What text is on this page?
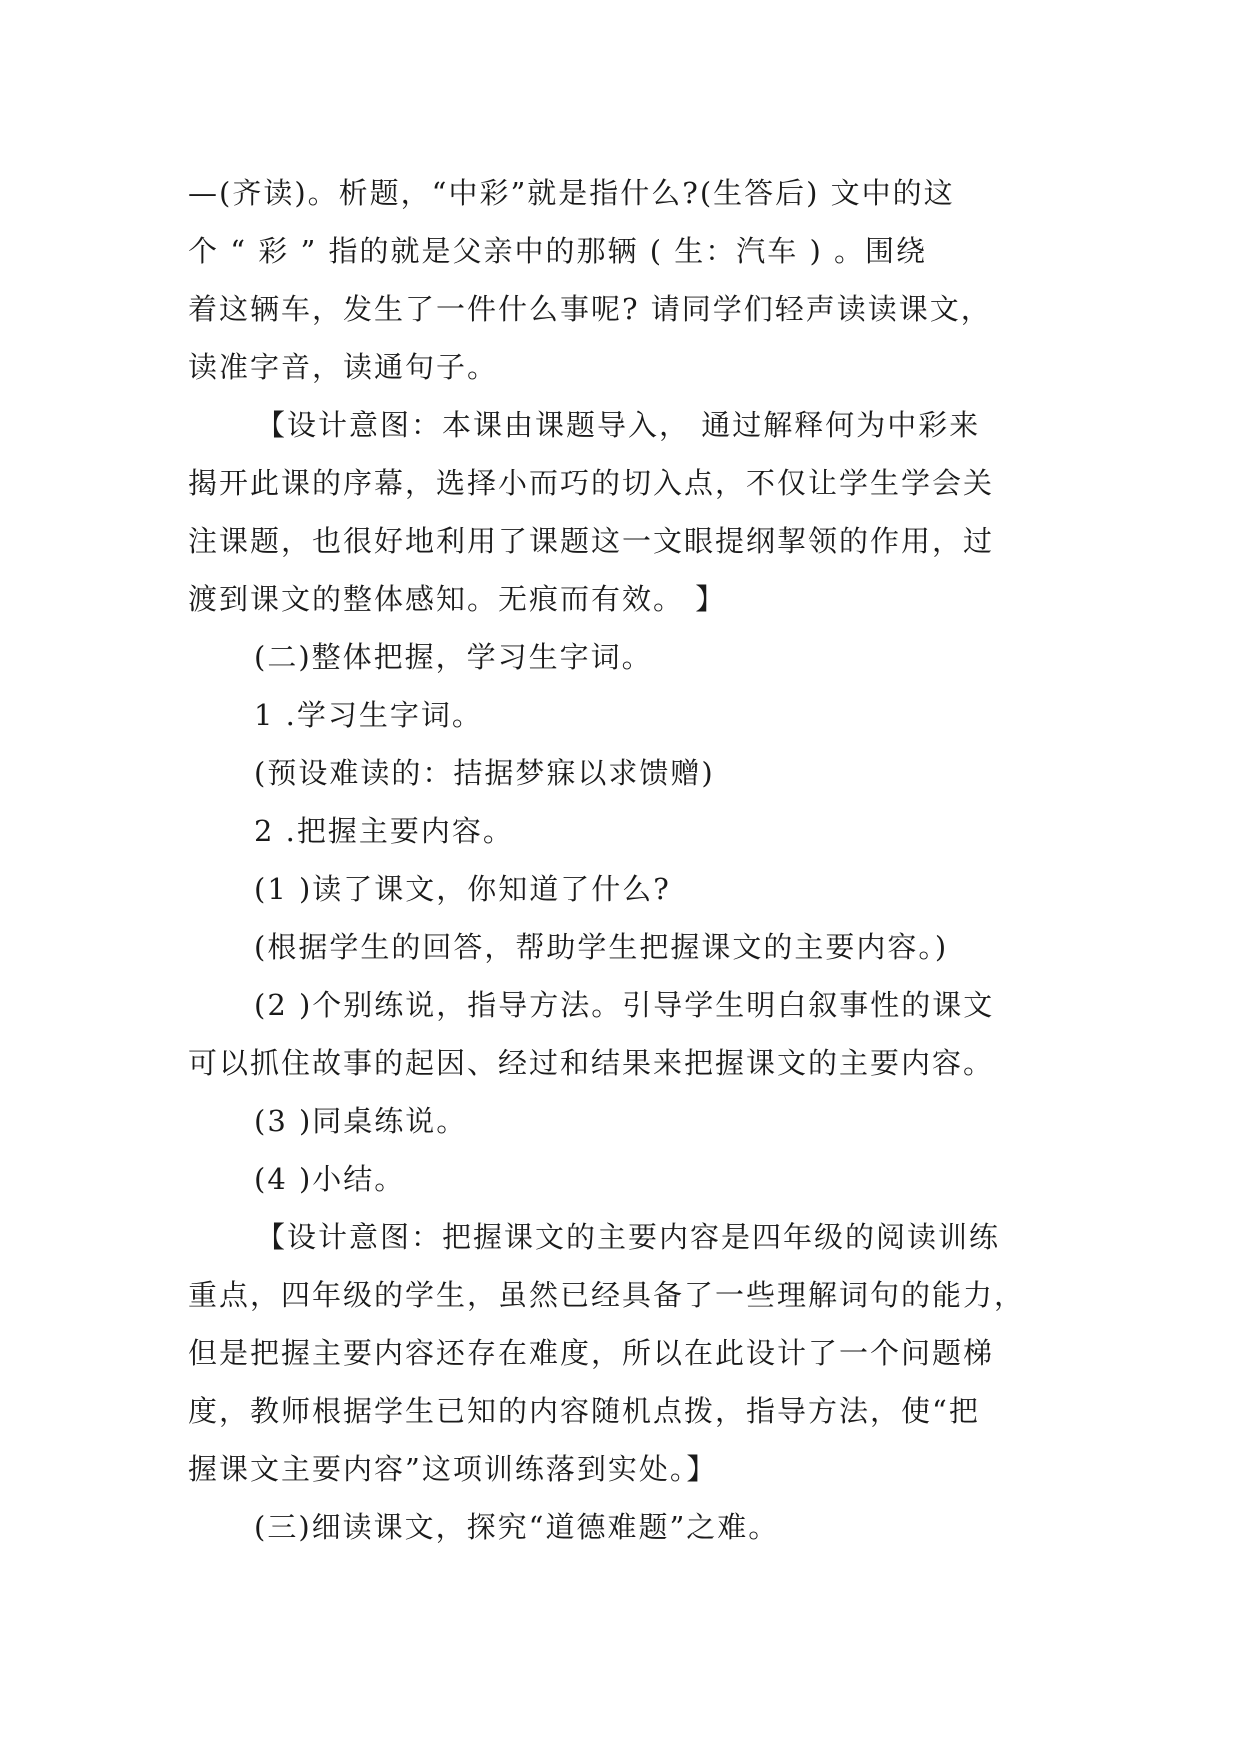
—(齐读)。析题，“中彩”就是指什么?(生答后) 文中的这

个 “ 彩 ” 指的就是父亲中的那辆 ( 生：汽车 ) 。围绕

着这辆车，发生了一件什么事呢? 请同学们轻声读读课文，

读准字音，读通句子。

【设计意图：本课由课题导入， 通过解释何为中彩来

揭开此课的序幕，选择小而巧的切入点，不仅让学生学会关

注课题，也很好地利用了课题这一文眼提纲挈领的作用，过

渡到课文的整体感知。无痕而有效。 】

(二)整体把握，学习生字词。

1 .学习生字词。

(预设难读的：拮据梦寐以求馈赠)

2 .把握主要内容。

(1 )读了课文，你知道了什么?

(根据学生的回答，帮助学生把握课文的主要内容。)

(2 )个别练说，指导方法。引导学生明白叙事性的课文

可以抓住故事的起因、经过和结果来把握课文的主要内容。

(3 )同桌练说。

(4 )小结。

【设计意图：把握课文的主要内容是四年级的阅读训练

重点，四年级的学生，虽然已经具备了一些理解词句的能力，

但是把握主要内容还存在难度，所以在此设计了一个问题梯

度，教师根据学生已知的内容随机点拨，指导方法，使“把

握课文主要内容”这项训练落到实处。】

(三)细读课文，探究“道德难题”之难。
